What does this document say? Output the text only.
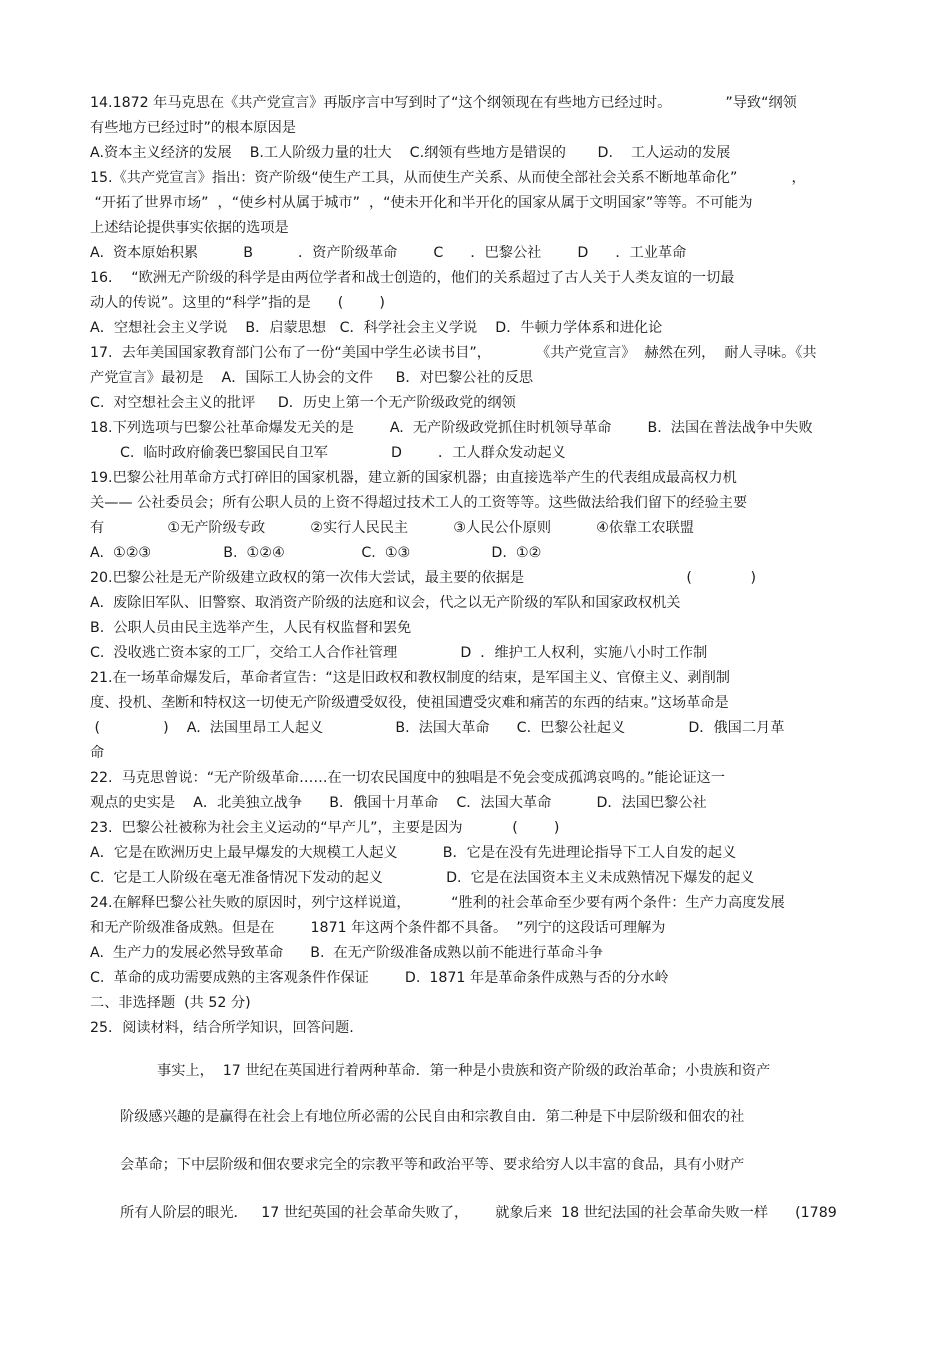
14.1872 年马克思在《共产党宣言》再版序言中写到时了“这个纲领现在有些地方已经过时。            ”导致“纲领
有些地方已经过时”的根本原因是
A.资本主义经济的发展    B.工人阶级力量的壮大    C.纲领有些地方是错误的       D.    工人运动的发展
15.《共产党宣言》指出：资产阶级“使生产工具，从而使生产关系、从而使全部社会关系不断地革命化”            ，
“开拓了世界市场”  ，“使乡村从属于城市”  ，“使未开化和半开化的国家从属于文明国家”等等。不可能为
上述结论提供事实依据的选项是
A.  资本原始积累          B          ．资产阶级革命        C      ．巴黎公社        D      ．工业革命
16．  “欧洲无产阶级的科学是由两位学者和战士创造的，他们的关系超过了古人关于人类友谊的一切最
动人的传说”。这里的“科学”指的是      (        )
A．空想社会主义学说    B．启蒙思想   C．科学社会主义学说    D．牛顿力学体系和进化论
17.  去年美国国家教育部门公布了一份“美国中学生必读书目”，          《共产党宣言》  赫然在列，  耐人寻味。《共
产党宣言》最初是    A．国际工人协会的文件     B．对巴黎公社的反思
C.  对空想社会主义的批评     D．历史上第一个无产阶级政党的纲领
18.下列选项与巴黎公社革命爆发无关的是        A.  无产阶级政党抓住时机领导革命        B.  法国在普法战争中失败
C.  临时政府偷袭巴黎国民自卫军              D        ．工人群众发动起义
19.巴黎公社用革命方式打碎旧的国家机器，建立新的国家机器；由直接选举产生的代表组成最高权力机
关—— 公社委员会；所有公职人员的上资不得超过技术工人的工资等等。这些做法给我们留下的经验主要
有              ①无产阶级专政          ②实行人民民主          ③人民公仆原则          ④依靠工农联盟
A.  ①②③                B.  ①②④                 C.  ①③                  D.  ①②
20.巴黎公社是无产阶级建立政权的第一次伟大尝试，最主要的依据是                                    (             )
A.  废除旧军队、旧警察、取消资产阶级的法庭和议会，代之以无产阶级的军队和国家政权机关
B.  公职人员由民主选举产生，人民有权监督和罢免
C.  没收逃亡资本家的工厂，交给工人合作社管理              D  ．维护工人权利，实施八小时工作制
21.在一场革命爆发后，革命者宣告：“这是旧政权和教权制度的结束，是军国主义、官僚主义、剥削制
度、投机、垄断和特权这一切使无产阶级遭受奴役，使祖国遭受灾难和痛苦的东西的结束。”这场革命是
(              )    A.  法国里昂工人起义                B.  法国大革命      C.  巴黎公社起义              D．俄国二月革
命
22.  马克思曾说：“无产阶级革命……在一切农民国度中的独唱是不免会变成孤鸿哀鸣的。”能论证这一
观点的史实是    A．北美独立战争      B．俄国十月革命    C．法国大革命          D．法国巴黎公社
23.  巴黎公社被称为社会主义运动的“早产儿”，主要是因为           (        )
A．它是在欧洲历史上最早爆发的大规模工人起义          B．它是在没有先进理论指导下工人自发的起义
C.  它是工人阶级在毫无准备情况下发动的起义              D.  它是在法国资本主义未成熟情况下爆发的起义
24.在解释巴黎公社失败的原因时，列宁这样说道，         “胜利的社会革命至少要有两个条件：生产力高度发展
和无产阶级准备成熟。但是在        1871 年这两个条件都不具备。  ”列宁的这段话可理解为
A.  生产力的发展必然导致革命      B.  在无产阶级准备成熟以前不能进行革命斗争
C.  革命的成功需要成熟的主客观条件作保证        D.  1871 年是革命条件成熟与否的分水岭
二、非选择题  (共 52 分)
25．阅读材料，结合所学知识，回答问题.
事实上，  17 世纪在英国进行着两种革命．第一种是小贵族和资产阶级的政治革命；小贵族和资产
阶级感兴趣的是赢得在社会上有地位所必需的公民自由和宗教自由．第二种是下中层阶级和佃农的社
会革命；下中层阶级和佃农要求完全的宗教平等和政治平等、要求给穷人以丰富的食品，具有小财产
所有人阶层的眼光．   17 世纪英国的社会革命失败了，      就象后来  18 世纪法国的社会革命失败一样      (1789
